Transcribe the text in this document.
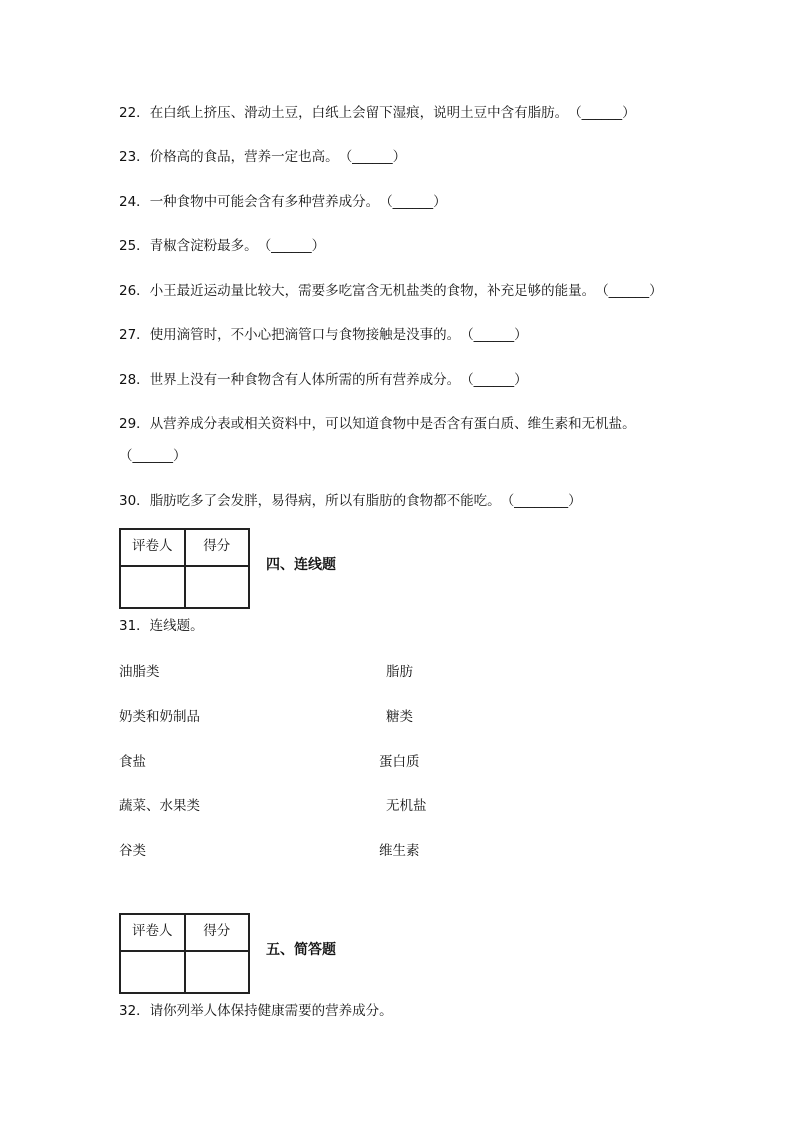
22．在白纸上挤压、滑动土豆，白纸上会留下湿痕，说明土豆中含有脂肪。（______）
23．价格高的食品，营养一定也高。（______）
24．一种食物中可能会含有多种营养成分。（______）
25．青椒含淀粉最多。（______）
26．小王最近运动量比较大，需要多吃富含无机盐类的食物，补充足够的能量。（______）
27．使用滴管时，不小心把滴管口与食物接触是没事的。（______）
28．世界上没有一种食物含有人体所需的所有营养成分。（______）
29．从营养成分表或相关资料中，可以知道食物中是否含有蛋白质、维生素和无机盐。
（______）
30．脂肪吃多了会发胖，易得病，所以有脂肪的食物都不能吃。（________）
评卷人	得分

四、连线题
31．连线题。
油脂类	脂肪
奶类和奶制品	糖类
食盐	蛋白质
蔬菜、水果类	无机盐
谷类	维生素
评卷人	得分

五、简答题
32．请你列举人体保持健康需要的营养成分。
